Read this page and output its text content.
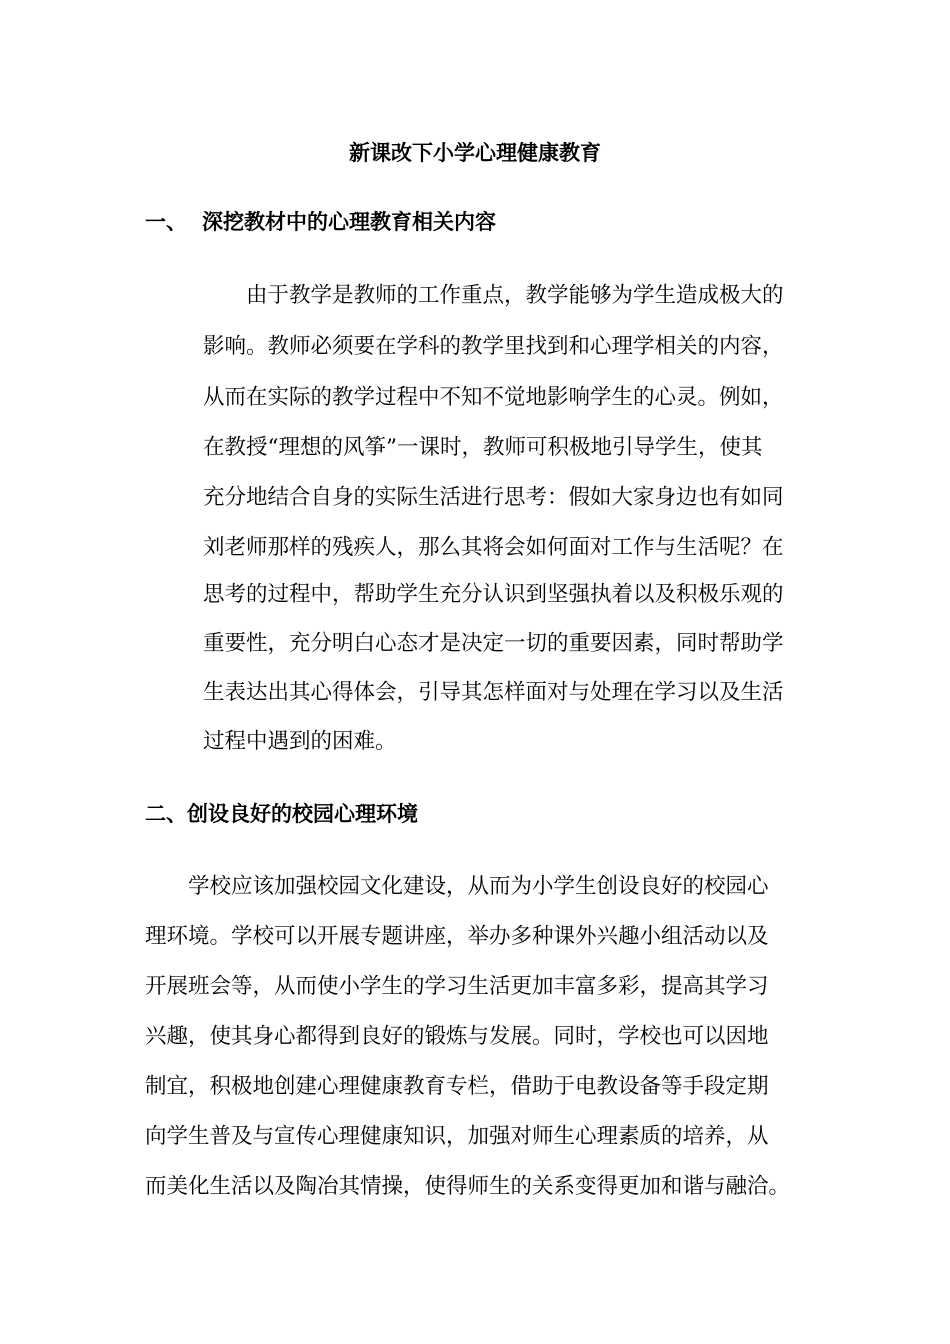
新课改下小学心理健康教育
一、 深挖教材中的心理教育相关内容
由于教学是教师的工作重点，教学能够为学生造成极大的
影响。教师必须要在学科的教学里找到和心理学相关的内容，
从而在实际的教学过程中不知不觉地影响学生的心灵。例如，
在教授“理想的风筝”一课时，教师可积极地引导学生，使其
充分地结合自身的实际生活进行思考：假如大家身边也有如同
刘老师那样的残疾人，那么其将会如何面对工作与生活呢？在
思考的过程中，帮助学生充分认识到坚强执着以及积极乐观的
重要性，充分明白心态才是决定一切的重要因素，同时帮助学
生表达出其心得体会，引导其怎样面对与处理在学习以及生活
过程中遇到的困难。
二、创设良好的校园心理环境
学校应该加强校园文化建设，从而为小学生创设良好的校园心
理环境。学校可以开展专题讲座，举办多种课外兴趣小组活动以及
开展班会等，从而使小学生的学习生活更加丰富多彩，提高其学习
兴趣，使其身心都得到良好的锻炼与发展。同时，学校也可以因地
制宜，积极地创建心理健康教育专栏，借助于电教设备等手段定期
向学生普及与宣传心理健康知识，加强对师生心理素质的培养，从
而美化生活以及陶冶其情操，使得师生的关系变得更加和谐与融洽。
